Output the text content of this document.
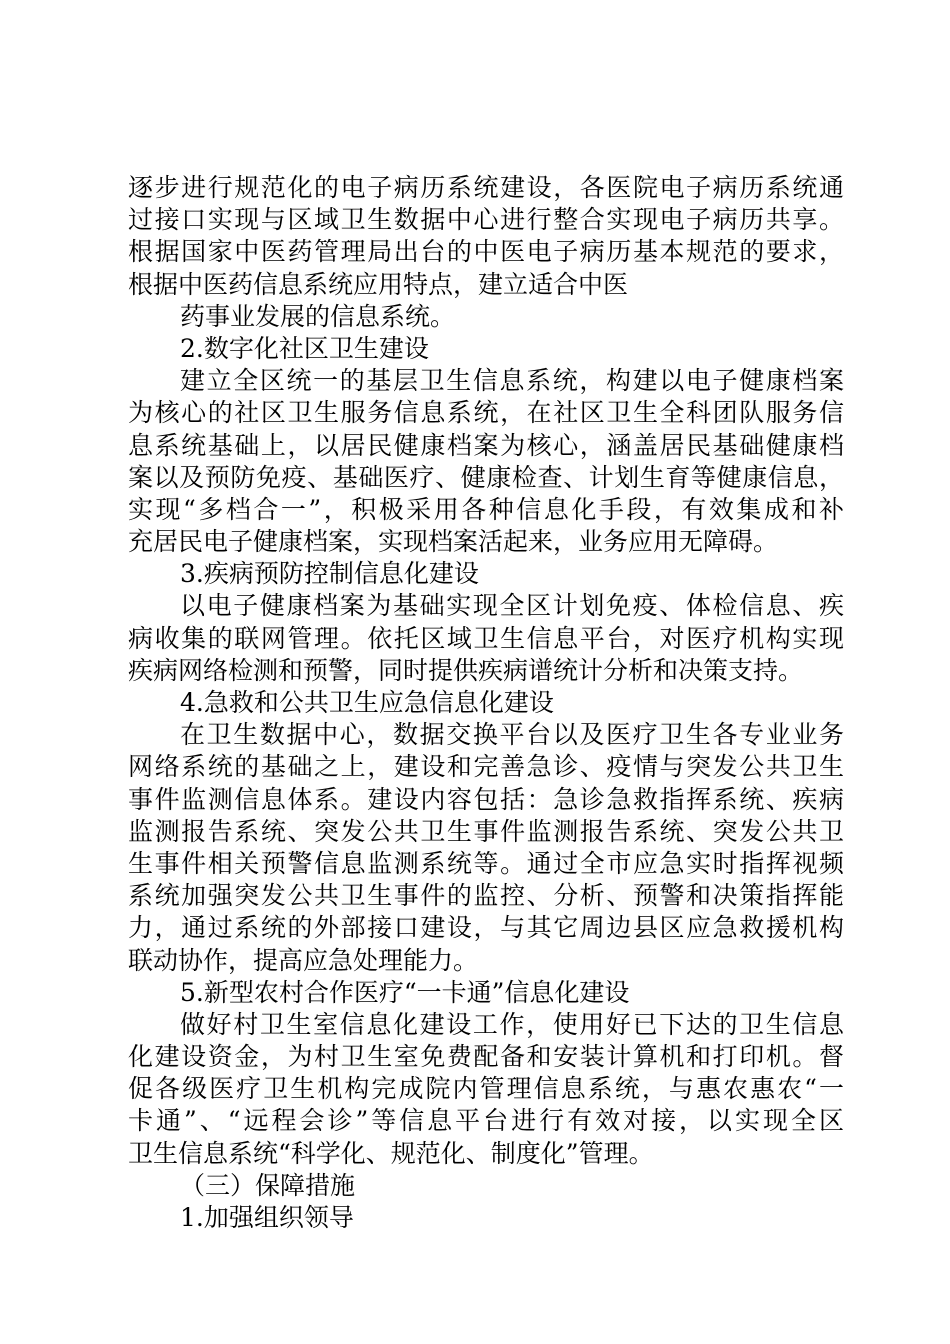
逐步进行规范化的电子病历系统建设，各医院电子病历系统通
过接口实现与区域卫生数据中心进行整合实现电子病历共享。
根据国家中医药管理局出台的中医电子病历基本规范的要求，
根据中医药信息系统应用特点，建立适合中医
药事业发展的信息系统。
2.数字化社区卫生建设
建立全区统一的基层卫生信息系统，构建以电子健康档案
为核心的社区卫生服务信息系统，在社区卫生全科团队服务信
息系统基础上，以居民健康档案为核心，涵盖居民基础健康档
案以及预防免疫、基础医疗、健康检查、计划生育等健康信息，
实现“多档合一”，积极采用各种信息化手段，有效集成和补
充居民电子健康档案，实现档案活起来，业务应用无障碍。
3.疾病预防控制信息化建设
以电子健康档案为基础实现全区计划免疫、体检信息、疾
病收集的联网管理。依托区域卫生信息平台，对医疗机构实现
疾病网络检测和预警，同时提供疾病谱统计分析和决策支持。
4.急救和公共卫生应急信息化建设
在卫生数据中心，数据交换平台以及医疗卫生各专业业务
网络系统的基础之上，建设和完善急诊、疫情与突发公共卫生
事件监测信息体系。建设内容包括：急诊急救指挥系统、疾病
监测报告系统、突发公共卫生事件监测报告系统、突发公共卫
生事件相关预警信息监测系统等。通过全市应急实时指挥视频
系统加强突发公共卫生事件的监控、分析、预警和决策指挥能
力，通过系统的外部接口建设，与其它周边县区应急救援机构
联动协作，提高应急处理能力。
5.新型农村合作医疗“一卡通”信息化建设
做好村卫生室信息化建设工作，使用好已下达的卫生信息
化建设资金，为村卫生室免费配备和安装计算机和打印机。督
促各级医疗卫生机构完成院内管理信息系统，与惠农惠农“一
卡通”、“远程会诊”等信息平台进行有效对接，以实现全区
卫生信息系统“科学化、规范化、制度化”管理。
（三）保障措施
1.加强组织领导
